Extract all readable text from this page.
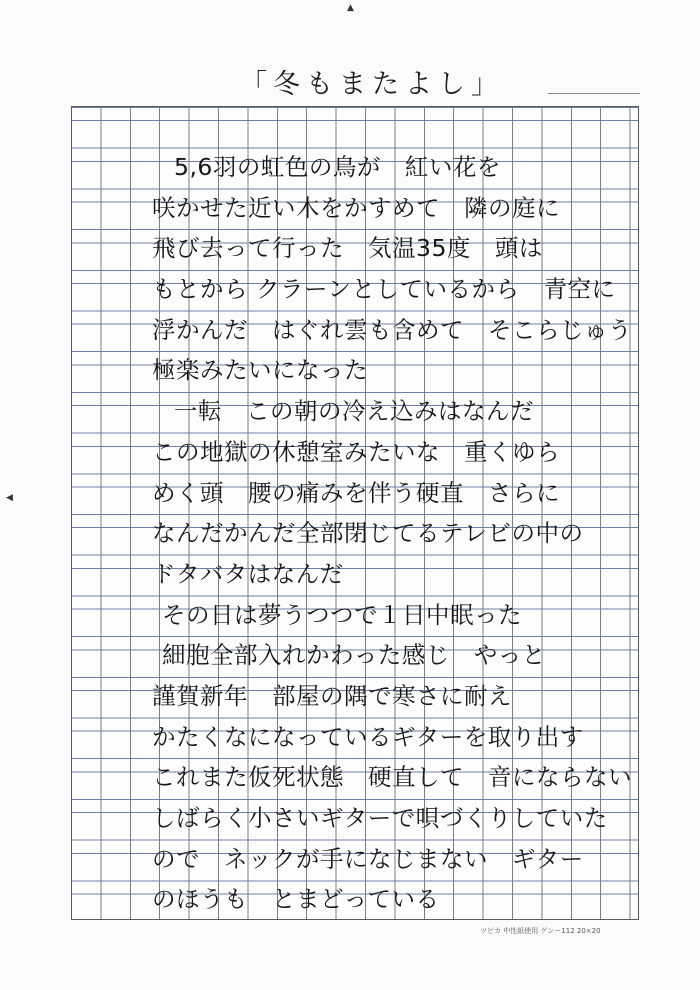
▲
◀
「冬もまたよし」
5,6羽の虹色の鳥が　紅い花を
咲かせた近い木をかすめて　隣の庭に
飛び去って行った　気温35度　頭は
もとから クラーンとしているから　青空に
浮かんだ　はぐれ雲も含めて　そこらじゅう
極楽みたいになった
一転　この朝の冷え込みはなんだ
この地獄の休憩室みたいな　重くゆら
めく頭　腰の痛みを伴う硬直　さらに
なんだかんだ全部閉じてるテレビの中の
ドタバタはなんだ
その日は夢うつつで１日中眠った
細胞全部入れかわった感じ　やっと
謹賀新年　部屋の隅で寒さに耐え
かたくなになっているギターを取り出す
これまた仮死状態　硬直して　音にならない
しばらく小さいギターで唄づくりしていた
ので　ネックが手になじまない　ギター
のほうも　とまどっている
ツピカ 中性紙使用 ゲンー112 20×20
